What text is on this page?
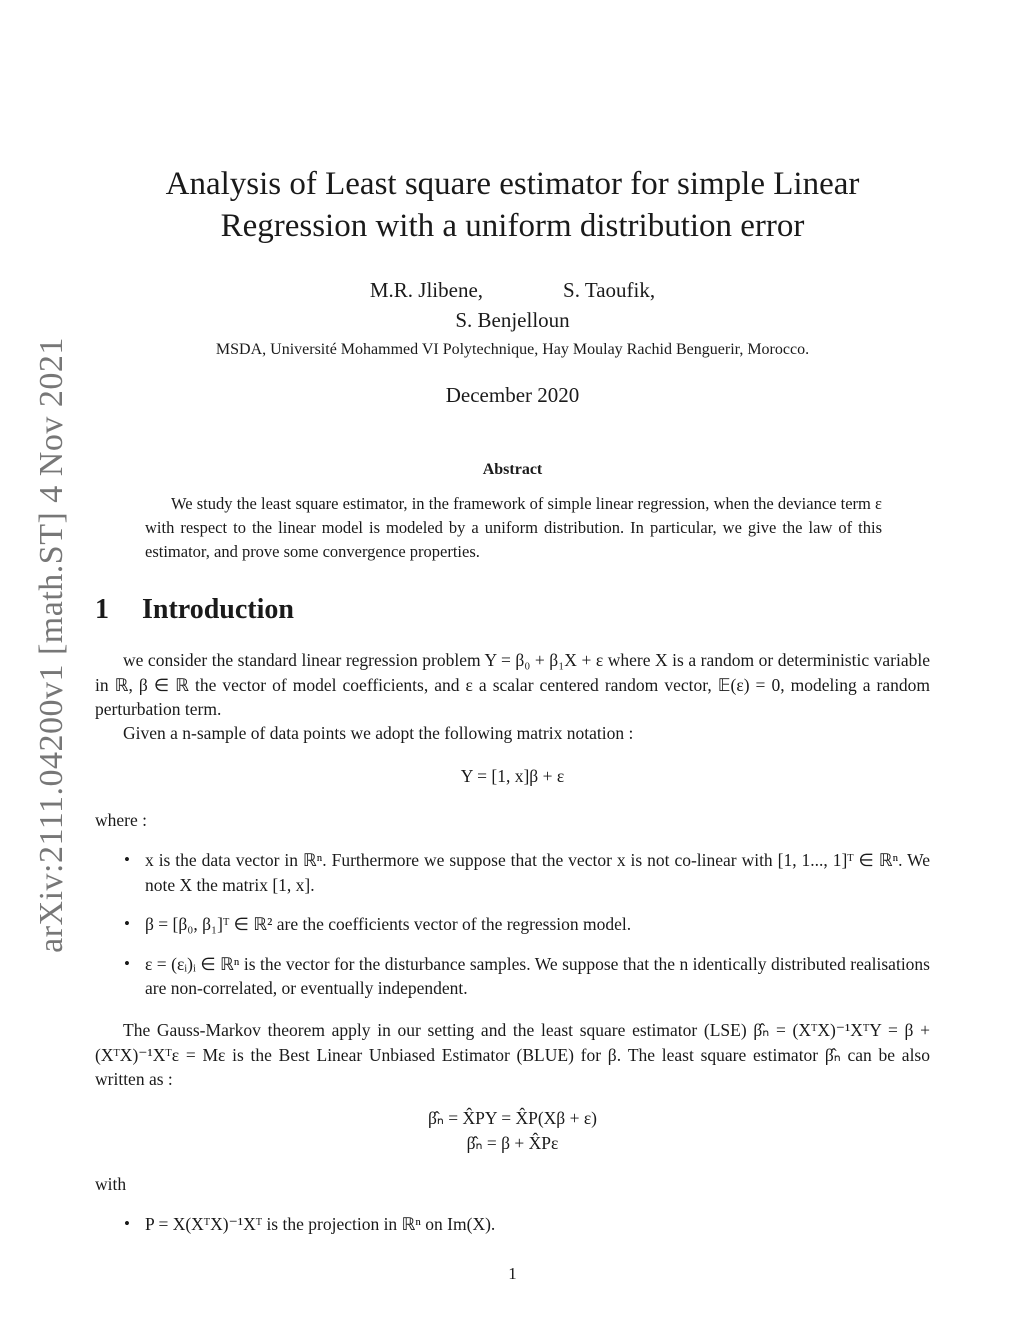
arXiv:2111.04200v1 [math.ST] 4 Nov 2021
Analysis of Least square estimator for simple Linear
Regression with a uniform distribution error
M.R. Jlibene,	S. Taoufik,
S. Benjelloun
MSDA, Université Mohammed VI Polytechnique, Hay Moulay Rachid Benguerir, Morocco.
December 2020
Abstract

We study the least square estimator, in the framework of simple linear regression, when the deviance term ε with respect to the linear model is modeled by a uniform distribution. In particular, we give the law of this estimator, and prove some convergence properties.

1 Introduction

we consider the standard linear regression problem Y = β₀ + β₁X + ε where X is a random or deterministic variable in ℝ, β ∈ ℝ the vector of model coefficients, and ε a scalar centered random vector, 𝔼(ε) = 0, modeling a random perturbation term.

Given a n-sample of data points we adopt the following matrix notation :

Y = [1, x]β + ε

where :

• x is the data vector in ℝⁿ. Furthermore we suppose that the vector x is not co-linear with [1, 1..., 1]ᵀ ∈ ℝⁿ. We note X the matrix [1, x].
• β = [β₀, β₁]ᵀ ∈ ℝ² are the coefficients vector of the regression model.
• ε = (εᵢ)ᵢ ∈ ℝⁿ is the vector for the disturbance samples. We suppose that the n identically distributed realisations are non-correlated, or eventually independent.

The Gauss-Markov theorem apply in our setting and the least square estimator (LSE) β̂ₙ = (XᵀX)⁻¹XᵀY = β + (XᵀX)⁻¹Xᵀε = Mε is the Best Linear Unbiased Estimator (BLUE) for β. The least square estimator β̂ₙ can be also written as :

β̂ₙ = X̂PY = X̂P(Xβ + ε)
β̂ₙ = β + X̂Pε

with

• P = X(XᵀX)⁻¹Xᵀ is the projection in ℝⁿ on Im(X).
1
